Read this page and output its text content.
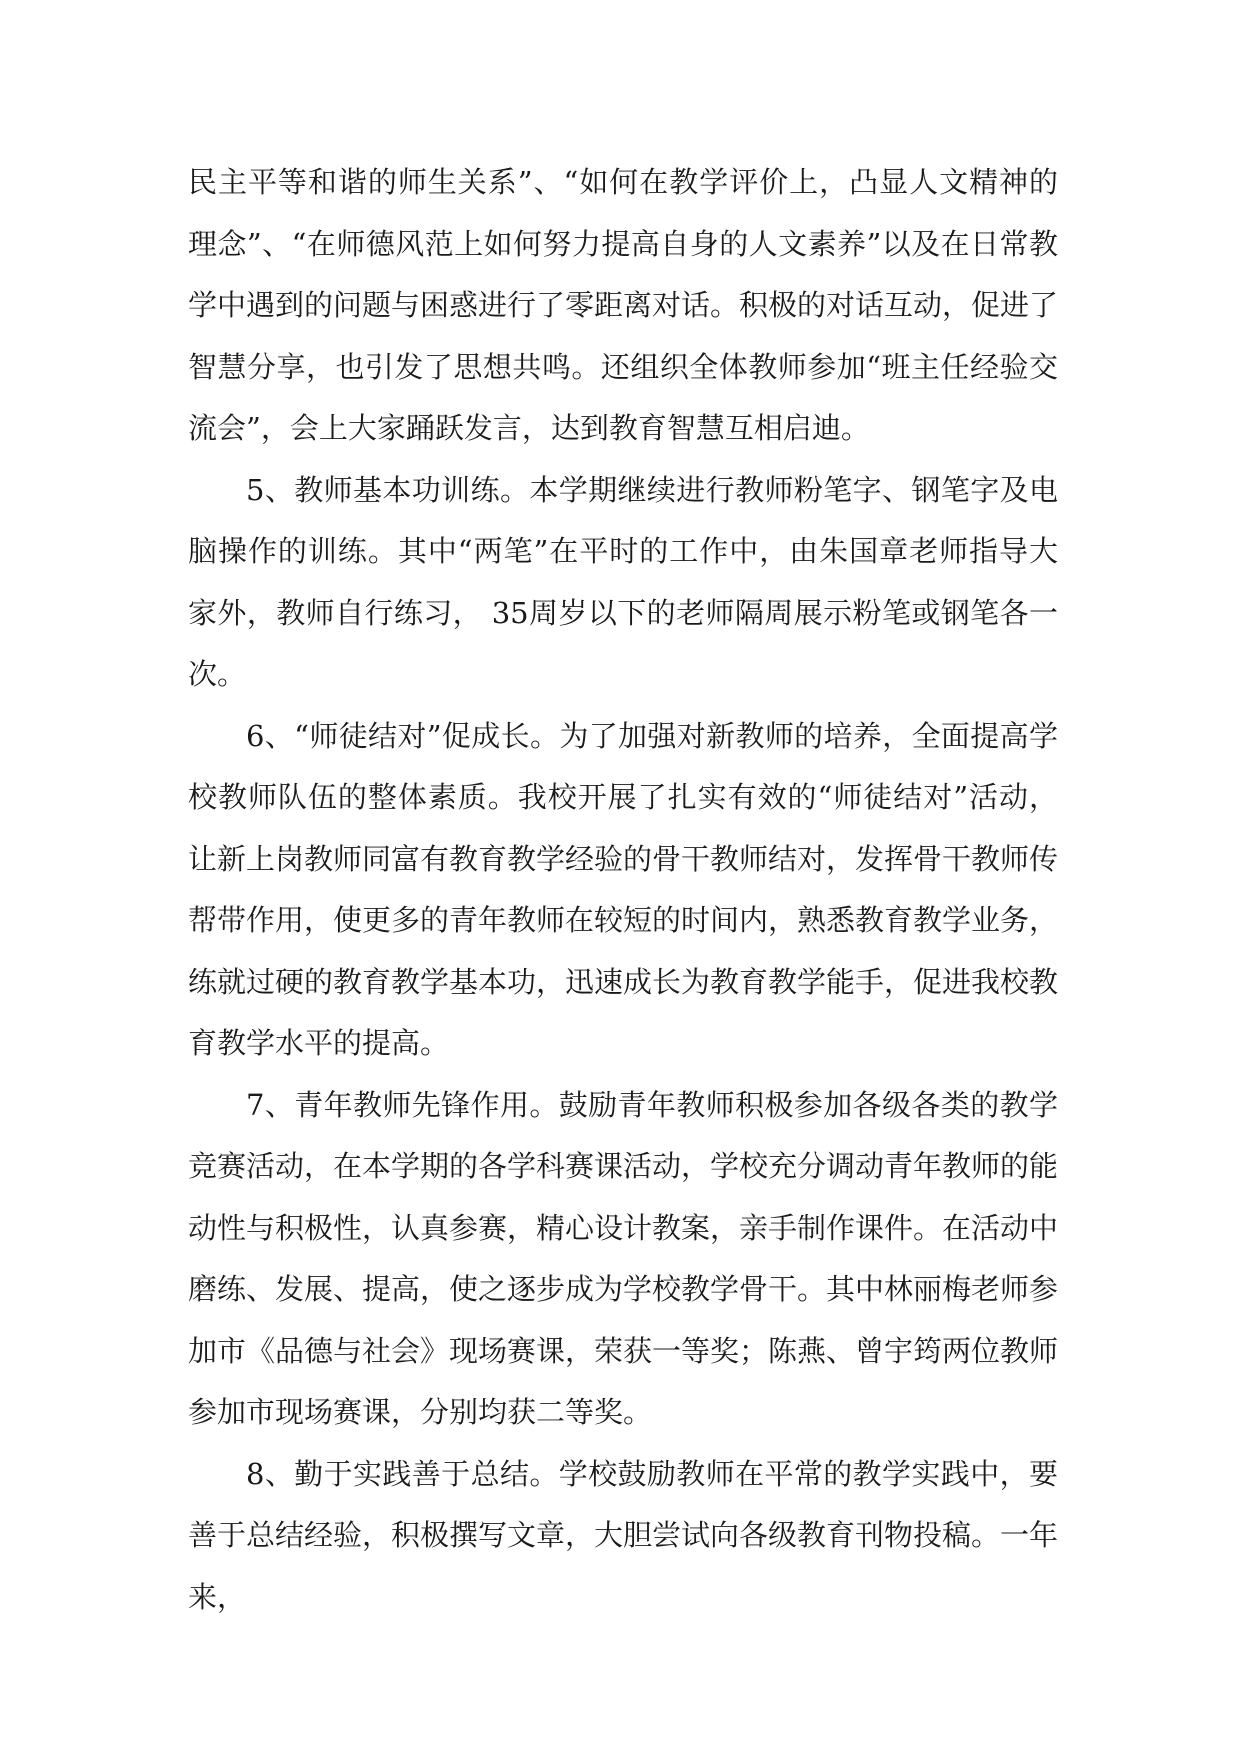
民主平等和谐的师生关系”、“如何在教学评价上，凸显人文精神的理念”、“在师德风范上如何努力提高自身的人文素养”以及在日常教学中遇到的问题与困惑进行了零距离对话。积极的对话互动，促进了智慧分享，也引发了思想共鸣。还组织全体教师参加“班主任经验交流会”，会上大家踊跃发言，达到教育智慧互相启迪。

5、教师基本功训练。本学期继续进行教师粉笔字、钢笔字及电脑操作的训练。其中“两笔”在平时的工作中，由朱国章老师指导大家外，教师自行练习， 35周岁以下的老师隔周展示粉笔或钢笔各一次。

6、“师徒结对”促成长。为了加强对新教师的培养，全面提高学校教师队伍的整体素质。我校开展了扎实有效的“师徒结对”活动，让新上岗教师同富有教育教学经验的骨干教师结对，发挥骨干教师传帮带作用，使更多的青年教师在较短的时间内，熟悉教育教学业务，练就过硬的教育教学基本功，迅速成长为教育教学能手，促进我校教育教学水平的提高。

7、青年教师先锋作用。鼓励青年教师积极参加各级各类的教学竞赛活动，在本学期的各学科赛课活动，学校充分调动青年教师的能动性与积极性，认真参赛，精心设计教案，亲手制作课件。在活动中磨练、发展、提高，使之逐步成为学校教学骨干。其中林丽梅老师参加市《品德与社会》现场赛课，荣获一等奖；陈燕、曾宇筠两位教师参加市现场赛课，分别均获二等奖。

8、勤于实践善于总结。学校鼓励教师在平常的教学实践中，要善于总结经验，积极撰写文章，大胆尝试向各级教育刊物投稿。一年来，
